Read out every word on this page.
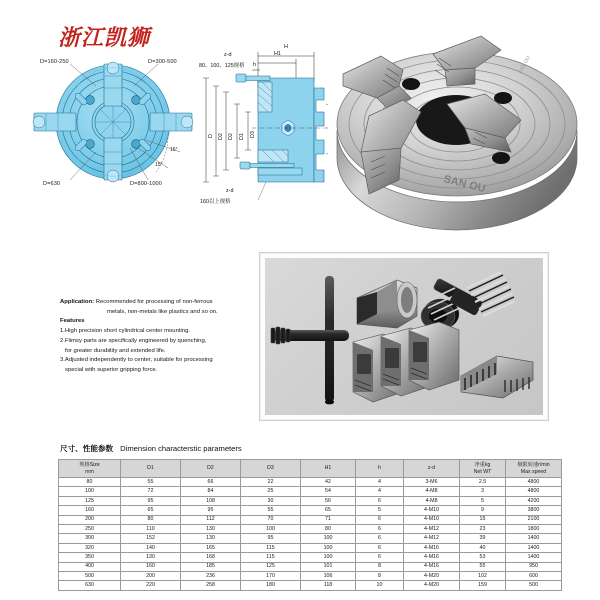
浙江凯狮
D=160-250	D=300-500
D=630	D=800-1000
15°
15°
H
H1
h
z-d
80、100、125规格
D D2 D2 D1 D3
z-d
160以上规格
SAN OU
SAN OU

Application: Recommended for processing of non-ferrous

metals, non-metals like plastics and so on.

Features

1.High precision short cylindrical center mounting.

2.Flimsy parts are specifically engineered by quenching,

for greater durability and extended life.

3.Adjusted independently to center, suitable for processing

special with superior gripping force.

尺寸、性能参数 Dimension characterstic parameters
规格Size
mm	D1	D2	D3	H1	h	z-d	净重kg
Net WT	极限转速r/min
Max speed

80	55	66	22	42	4	3-M6	2.5	4800
100	72	84	25	54	4	4-M8	3	4800
125	95	108	30	56	6	4-M8	5	4200
160	65	95	55	65	5	4-M10	9	3800
200	80	112	70	71	6	4-M10	15	2100
250	110	130	100	80	6	4-M12	23	1800
300	152	130	95	100	6	4-M12	39	1400
320	140	165	115	100	6	4-M16	40	1400
350	130	168	115	100	6	4-M16	53	1400
400	160	185	125	101	8	4-M16	55	950
500	200	236	170	106	8	4-M20	102	600
630	220	258	180	118	10	4-M20	159	500
